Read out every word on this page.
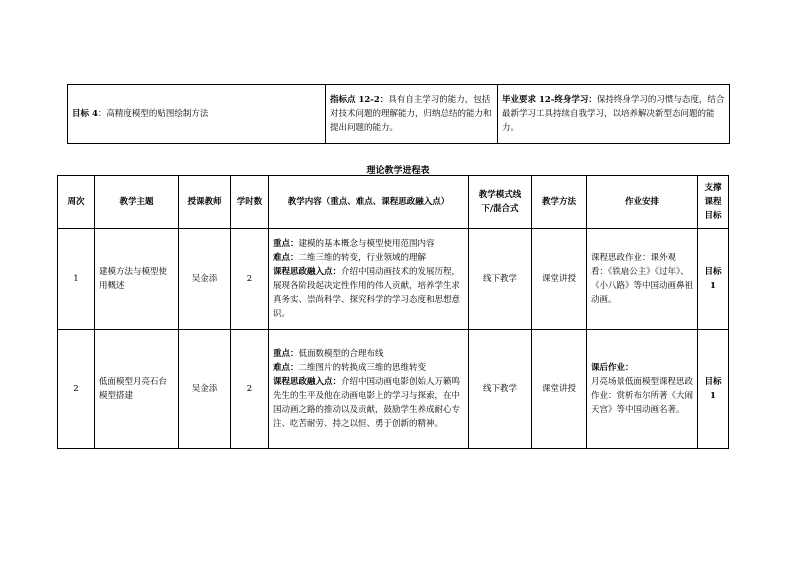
目标 4：高精度模型的贴图绘制方法	指标点 12-2：具有自主学习的能力，包括对技术问题的理解能力，归纳总结的能力和提出问题的能力。	毕业要求 12-终身学习：保持终身学习的习惯与态度，结合最新学习工具持续自我学习，以培养解决新型态问题的能力。
理论教学进程表
周次	教学主题	授课教师	学时数	教学内容（重点、难点、课程思政融入点）	教学模式线下/混合式	教学方法	作业安排	支撑课程目标
1	建模方法与模型使用概述	吴金添	2	重点：建模的基本概念与模型使用范围内容
难点：二维三维的转变，行业领域的理解
课程思政融入点：介绍中国动画技术的发展历程，展现各阶段起决定性作用的伟人贡献，培养学生求真务实、崇尚科学、探究科学的学习态度和思想意识。	线下教学	课堂讲授	课程思政作业：课外观看：《铁扇公主》《过年》、《小八路》等中国动画鼻祖动画。	目标 1
2	低面模型月亮石台模型搭建	吴金添	2	重点：低面数模型的合理布线
难点：二维图片的转换成三维的思维转变
课程思政融入点：介绍中国动画电影创始人万籁鸣先生的生平及他在动画电影上的学习与探索，在中国动画之路的推动以及贡献，鼓励学生养成耐心专注、吃苦耐劳、持之以恒、勇于创新的精神。	线下教学	课堂讲授	课后作业：
月亮场景低面模型课程思政作业：赏析布尔所著《大闹天宫》等中国动画名著。	目标 1
